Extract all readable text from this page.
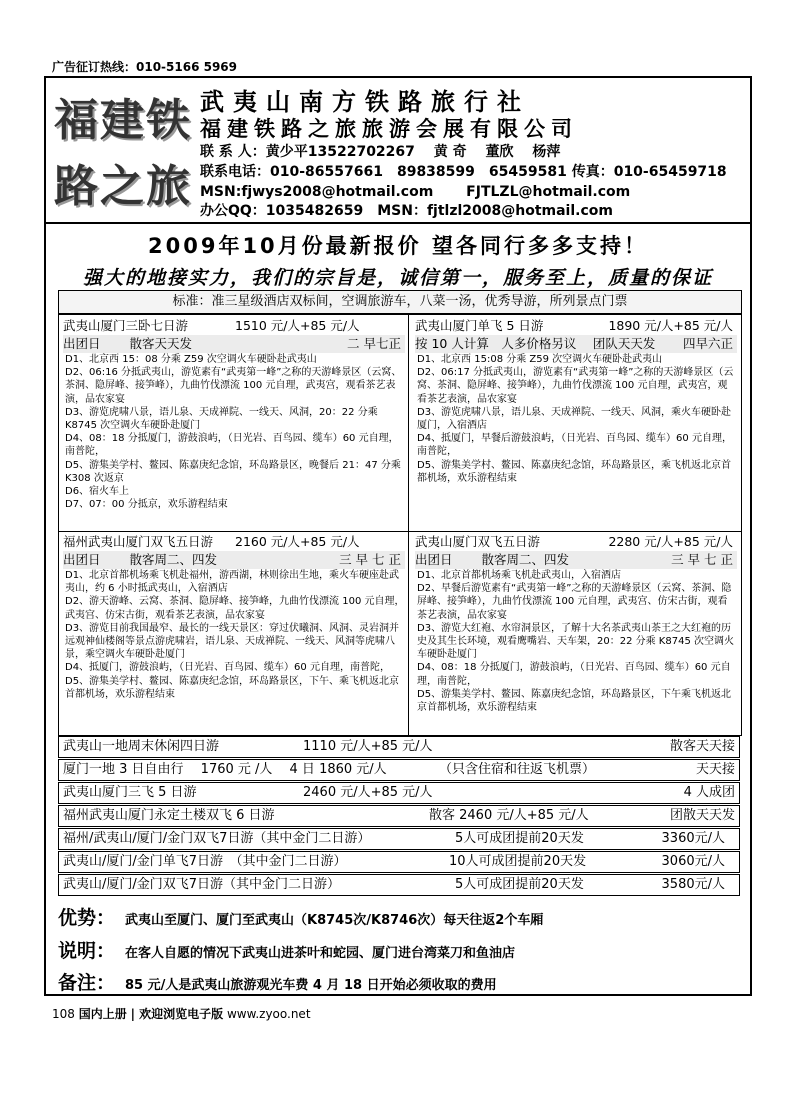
广告征订热线：010-5166 5969
福 建 铁
路 之 旅
武夷山南方铁路旅行社
福建铁路之旅旅游会展有限公司
联 系 人：黄少平13522702267　 黄 奇　 董欣　 杨萍
联系电话：010-86557661　89838599　65459581 传真：010-65459718
MSN:fjwys2008@hotmail.com　　 FJTLZL@hotmail.com
办公QQ：1035482659　MSN：fjtlzl2008@hotmail.com
2009年10月份最新报价 望各同行多多支持！
强大的地接实力，我们的宗旨是，诚信第一，服务至上，质量的保证
标准：准三星级酒店双标间，空调旅游车，八菜一汤，优秀导游，所列景点门票
武夷山厦门三卧七日游	1510 元/人+85 元/人
出团日　　 散客天天发	二 早七正
D1、北京西 15：08 分乘 Z59 次空调火车硬卧赴武夷山
D2、06:16 分抵武夷山，游览素有“武夷第一峰”之称的天游峰景区（云窝、茶洞、隐屏峰、接笋峰），九曲竹伐漂流 100 元自理，武夷宫，观看茶艺表演，品农家宴
D3、游览虎啸八景，语儿泉、天成禅院、一线天、风洞，20：22 分乘 K8745 次空调火车硬卧赴厦门
D4、08：18 分抵厦门，游鼓浪屿，（日光岩、百鸟园、缆车）60 元自理，南普陀，
D5、游集美学村、鳌园、陈嘉庚纪念馆，环岛路景区，晚餐后 21：47 分乘 K308 次返京
D6、宿火车上
D7、07：00 分抵京，欢乐游程结束
武夷山厦门单飞 5 日游	1890 元/人+85 元/人
按 10 人计算　人多价格另议　 团队天天发 四早六正
D1、北京西 15:08 分乘 Z59 次空调火车硬卧赴武夷山
D2、06:17 分抵武夷山，游览素有“武夷第一峰”之称的天游峰景区（云窝、茶洞、隐屏峰、接笋峰），九曲竹伐漂流 100 元自理，武夷宫，观看茶艺表演，品农家宴
D3、游览虎啸八景，语儿泉、天成禅院、一线天、风洞，乘火车硬卧赴厦门，入宿酒店
D4、抵厦门，早餐后游鼓浪屿，（日光岩、百鸟园、缆车）60 元自理，南普陀，
D5、游集美学村、鳌园、陈嘉庚纪念馆，环岛路景区，乘飞机返北京首都机场，欢乐游程结束
福州武夷山厦门双飞五日游 2160 元/人+85 元/人
出团日　　 散客周二、四发	三 早 七 正
D1、北京首都机场乘飞机赴福州，游西湖，林则徐出生地，乘火车硬座赴武夷山，约 6 小时抵武夷山，入宿酒店
D2、游天游峰、云窝、茶洞、隐屏峰、接笋峰，九曲竹伐漂流 100 元自理，武夷宫、仿宋古街，观看茶艺表演，品农家宴
D3、游览目前我国最窄、最长的一线天景区：穿过伏曦洞、风洞、灵岩洞并远观神仙楼阁等景点游虎啸岩，语儿泉、天成禅院、一线天、风洞等虎啸八景，乘空调火车硬卧赴厦门
D4、抵厦门，游鼓浪屿，（日光岩、百鸟园、缆车）60 元自理，南普陀，
D5、游集美学村、鳌园、陈嘉庚纪念馆，环岛路景区，下午、乘飞机返北京首都机场，欢乐游程结束
武夷山厦门双飞五日游	2280 元/人+85 元/人
出团日　　 散客周二、四发	三 早 七 正
D1、北京首都机场乘飞机赴武夷山，入宿酒店
D2、早餐后游览素有“武夷第一峰”之称的天游峰景区（云窝、茶洞、隐屏峰、接笋峰），九曲竹伐漂流 100 元自理，武夷宫、仿宋古街，观看茶艺表演，品农家宴
D3、游览大红袍、水帘洞景区，了解十大名茶武夷山茶王之大红袍的历史及其生长环境，观看鹰嘴岩、天车架，20：22 分乘 K8745 次空调火车硬卧赴厦门
D4、08：18 分抵厦门，游鼓浪屿，（日光岩、百鸟园、缆车）60 元自理，南普陀，
D5、游集美学村、鳌园、陈嘉庚纪念馆，环岛路景区，下午乘飞机返北京首都机场，欢乐游程结束
武夷山一地周末休闲四日游	1110 元/人+85 元/人	散客天天接
厦门一地 3 日自由行　 1760 元 /人　 4 日 1860 元/人	（只含住宿和往返飞机票）	天天接
武夷山厦门三飞 5 日游	2460 元/人+85 元/人	4 人成团
福州武夷山厦门永定土楼双飞 6 日游	散客 2460 元/人+85 元/人	团散天天发
福州/武夷山/厦门/金门双飞7日游（其中金门二日游）	5人可成团提前20天发	3360元/人
武夷山/厦门/金门单飞7日游　（其中金门二日游）	10人可成团提前20天发	3060元/人
武夷山/厦门/金门双飞7日游（其中金门二日游）	5人可成团提前20天发	3580元/人
优势： 武夷山至厦门、厦门至武夷山（K8745次/K8746次）每天往返2个车厢
说明： 在客人自愿的情况下武夷山进茶叶和蛇园、厦门进台湾菜刀和鱼油店
备注： 85 元/人是武夷山旅游观光车费 4 月 18 日开始必须收取的费用
108 国内上册 | 欢迎浏览电子版 www.zyoo.net
